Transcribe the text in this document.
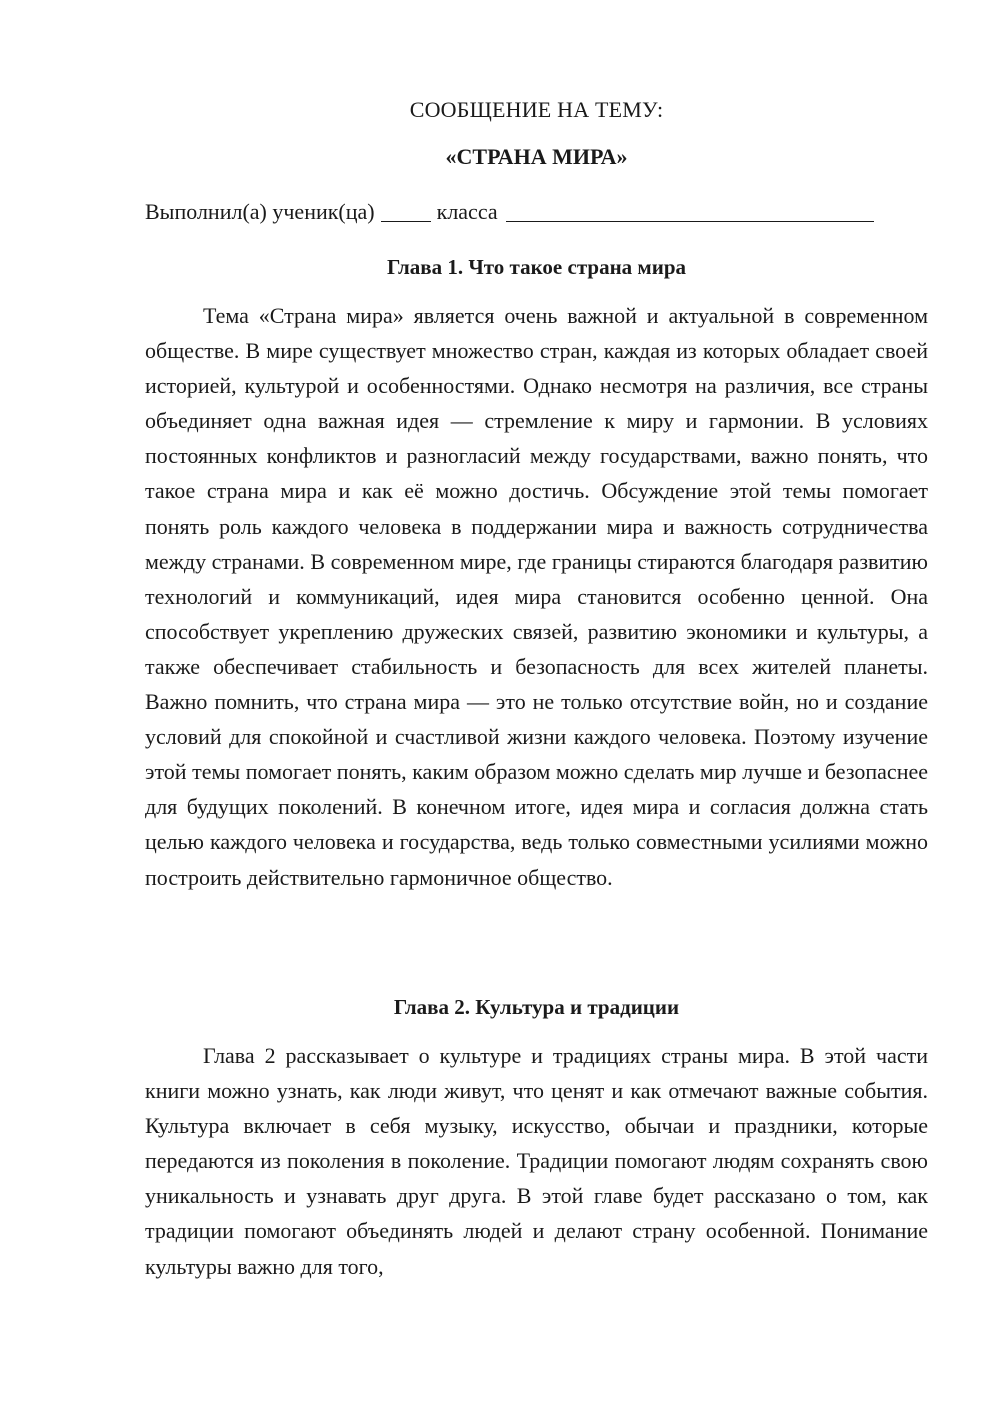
СООБЩЕНИЕ НА ТЕМУ:
«СТРАНА МИРА»
Выполнил(а) ученик(ца)	класса
Глава 1. Что такое страна мира

Тема «Страна мира» является очень важной и актуальной в современном обществе. В мире существует множество стран, каждая из которых обладает своей историей, культурой и особенностями. Однако несмотря на различия, все страны объединяет одна важная идея — стремление к миру и гармонии. В условиях постоянных конфликтов и разногласий между государствами, важно понять, что такое страна мира и как её можно достичь. Обсуждение этой темы помогает понять роль каждого человека в поддержании мира и важность сотрудничества между странами. В современном мире, где границы стираются благодаря развитию технологий и коммуникаций, идея мира становится особенно ценной. Она способствует укреплению дружеских связей, развитию экономики и культуры, а также обеспечивает стабильность и безопасность для всех жителей планеты. Важно помнить, что страна мира — это не только отсутствие войн, но и создание условий для спокойной и счастливой жизни каждого человека. Поэтому изучение этой темы помогает понять, каким образом можно сделать мир лучше и безопаснее для будущих поколений. В конечном итоге, идея мира и согласия должна стать целью каждого человека и государства, ведь только совместными усилиями можно построить действительно гармоничное общество.

Глава 2. Культура и традиции

Глава 2 рассказывает о культуре и традициях страны мира. В этой части книги можно узнать, как люди живут, что ценят и как отмечают важные события. Культура включает в себя музыку, искусство, обычаи и праздники, которые передаются из поколения в поколение. Традиции помогают людям сохранять свою уникальность и узнавать друг друга. В этой главе будет рассказано о том, как традиции помогают объединять людей и делают страну особенной. Понимание культуры важно для того,
